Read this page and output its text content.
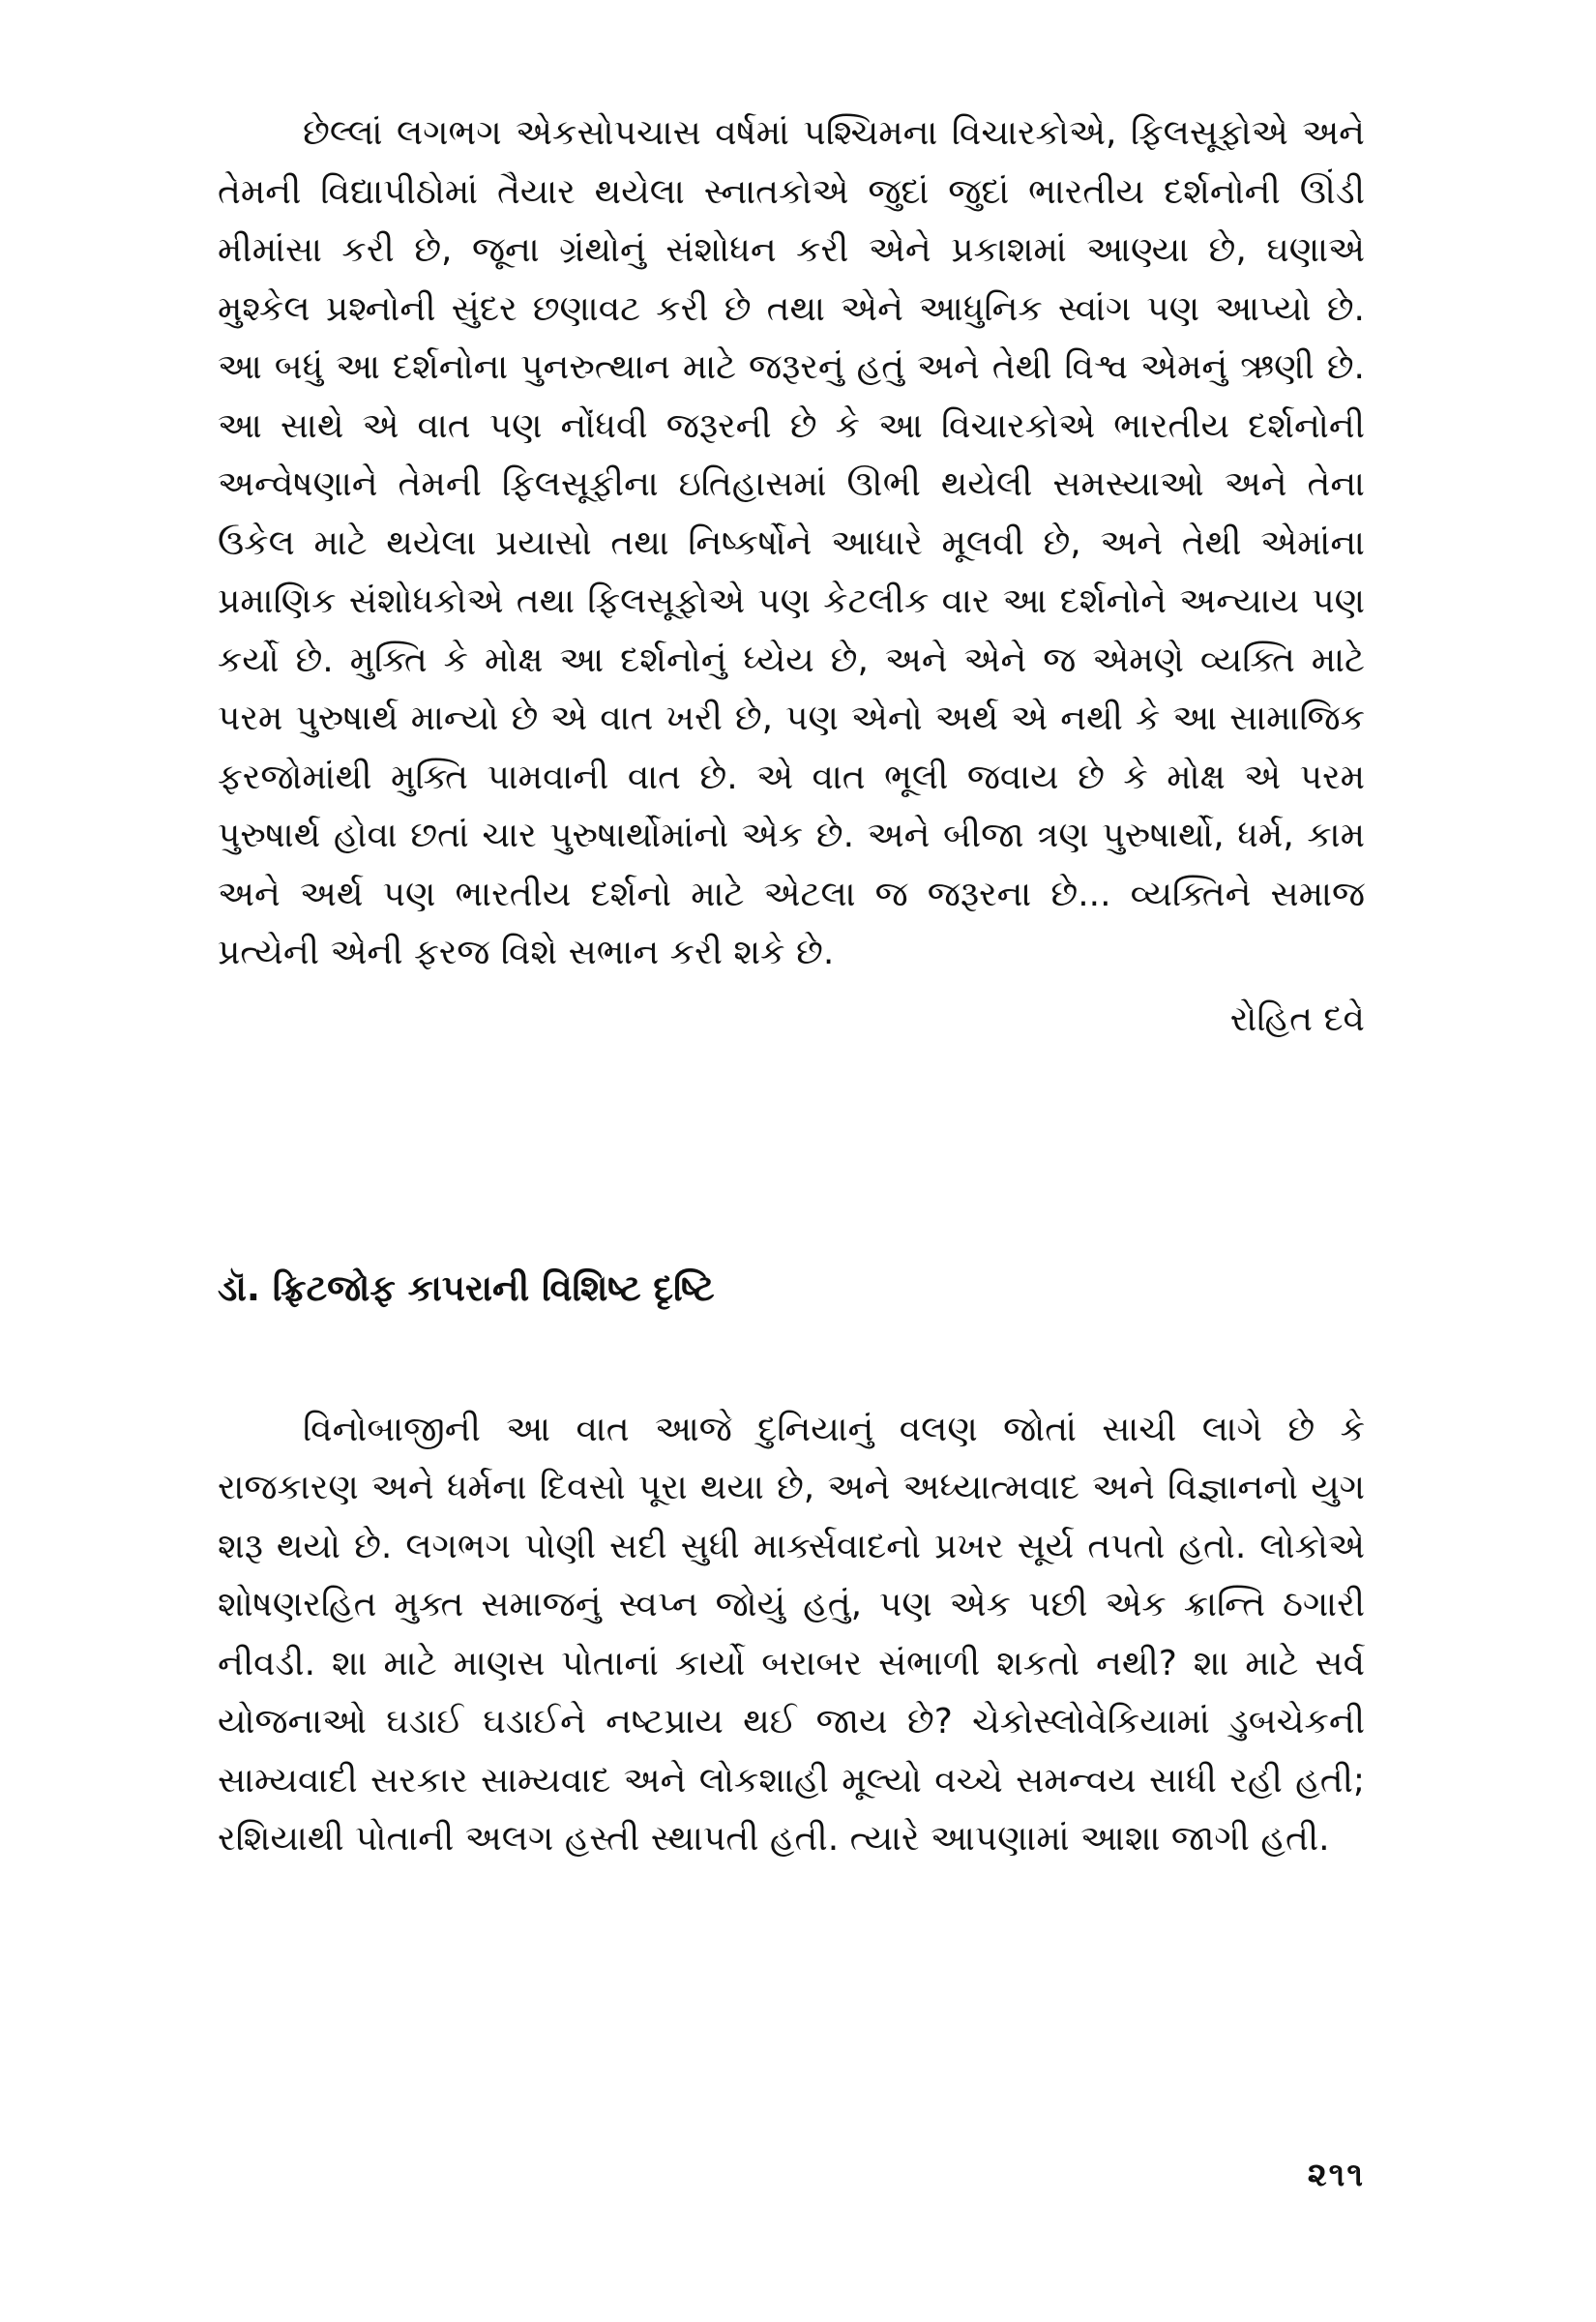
છેલ્લાં લગભગ એકસોપચાસ વર્ષમાં પશ્ચિમના વિચારકોએ, ફિલસૂફોએ અને તેમની વિદ્યાપીઠોમાં તૈયાર થયેલા સ્નાતકોએ જુદાં જુદાં ભારતીય દર્શનોની ઊંડી મીમાંસા કરી છે, જૂના ગ્રંથોનું સંશોધન કરી એને પ્રકાશમાં આણ્યા છે, ઘણાએ મુશ્કેલ પ્રશ્નોની સુંદર છણાવટ કરી છે તથા એને આધુનિક સ્વાંગ પણ આપ્યો છે. આ બધું આ દર્શનોના પુનરુત્થાન માટે જરૂરનું હતું અને તેથી વિશ્વ એમનું ઋણી છે. આ સાથે એ વાત પણ નોંધવી જરૂરની છે કે આ વિચારકોએ ભારતીય દર્શનોની અન્વેષણાને તેમની ફિલસૂફીના ઇતિહાસમાં ઊભી થયેલી સમસ્યાઓ અને તેના ઉકેલ માટે થયેલા પ્રયાસો તથા નિષ્કર્ષોને આધારે મૂલવી છે, અને તેથી એમાંના પ્રમાણિક સંશોધકોએ તથા ફિલસૂફોએ પણ કેટલીક વાર આ દર્શનોને અન્યાય પણ કર્યો છે. મુક્તિ કે મોક્ષ આ દર્શનોનું ધ્યેય છે, અને એને જ એમણે વ્યક્તિ માટે પરમ પુરુષાર્થ માન્યો છે એ વાત ખરી છે, પણ એનો અર્થ એ નથી કે આ સામાજિક ફરજોમાંથી મુક્તિ પામવાની વાત છે. એ વાત ભૂલી જવાય છે કે મોક્ષ એ પરમ પુરુષાર્થ હોવા છતાં ચાર પુરુષાર્થોમાંનો એક છે. અને બીજા ત્રણ પુરુષાર્થો, ધર્મ, કામ અને અર્થ પણ ભારતીય દર્શનો માટે એટલા જ જરૂરના છે... વ્યક્તિને સમાજ પ્રત્યેની એની ફરજ વિશે સભાન કરી શકે છે.

રોહિત દવે

ડૉ. ફ્રિટજોફ કાપરાની વિશિષ્ટ દૃષ્ટિ

વિનોબાજીની આ વાત આજે દુનિયાનું વલણ જોતાં સાચી લાગે છે કે રાજકારણ અને ધર્મના દિવસો પૂરા થયા છે, અને અધ્યાત્મવાદ અને વિજ્ઞાનનો યુગ શરૂ થયો છે. લગભગ પોણી સદી સુધી માર્ક્સવાદનો પ્રખર સૂર્ય તપતો હતો. લોકોએ શોષણરહિત મુક્ત સમાજનું સ્વપ્ન જોયું હતું, પણ એક પછી એક ક્રાન્તિ ઠગારી નીવડી. શા માટે માણસ પોતાનાં કાર્યો બરાબર સંભાળી શકતો નથી? શા માટે સર્વ યોજનાઓ ઘડાઈ ઘડાઈને નષ્ટપ્રાય થઈ જાય છે? ચેકોસ્લોવેકિયામાં ડુબચેકની સામ્યવાદી સરકાર સામ્યવાદ અને લોકશાહી મૂલ્યો વચ્ચે સમન્વય સાધી રહી હતી; રશિયાથી પોતાની અલગ હસ્તી સ્થાપતી હતી. ત્યારે આપણામાં આશા જાગી હતી.

૨૧૧
